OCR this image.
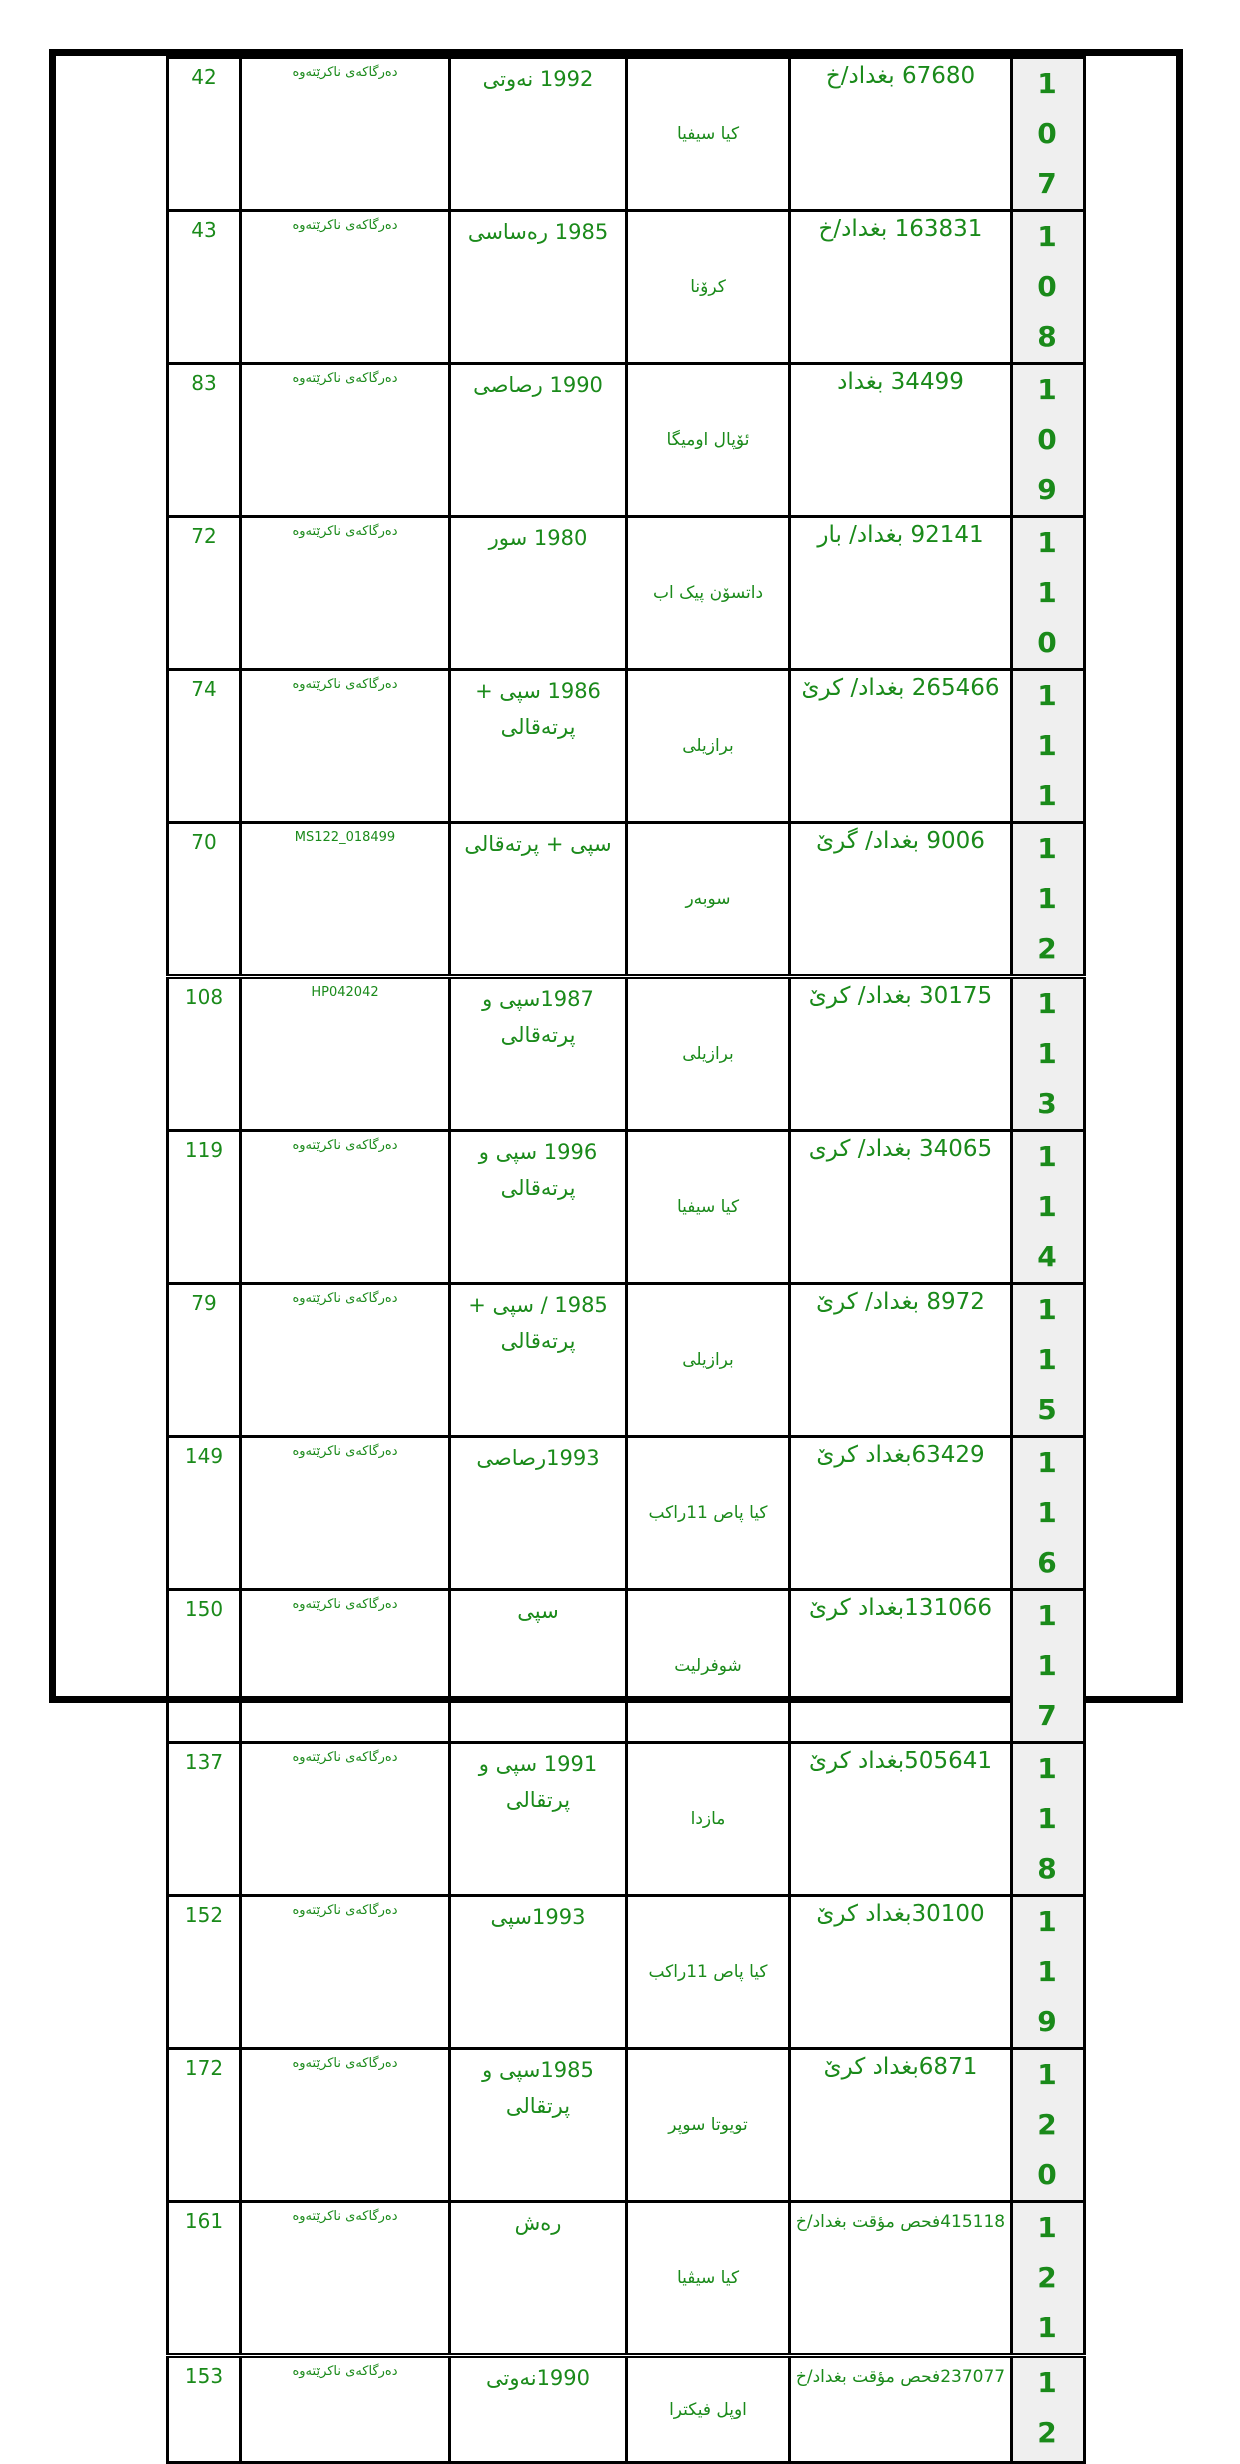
42	دەرگاکەی ناکرێتەوە	1992 نەوتی	كيا سيفيا	67680 بغداد/خ	107

43	دەرگاکەی ناکرێتەوە	1985 رەساسی	كرۆنا	163831 بغداد/خ	108

83	دەرگاکەی ناکرێتەوە	1990 رصاصی	ئۆپال اوميگا	34499 بغداد	109

72	دەرگاکەی ناکرێتەوە	1980 سور	داتسۆن پیک اب	92141 بغداد/ بار	110

74	دەرگاکەی ناکرێتەوە	1986 سپی + پرتەقالی	برازيلى	265466 بغداد/ كرێ	111

70	MS122_018499	سپی + پرتەقالی	سوبەر	9006 بغداد/ گرێ	112

108	HP042042	1987سپی و پرتەقالی	برازيلى	30175 بغداد/ كرێ	113

119	دەرگاکەی ناکرێتەوە	1996 سپی و پرتەقالی	كيا سيفيا	34065 بغداد/ كرى	114

79	دەرگاکەی ناکرێتەوە	1985 / سپی + پرتەقالی	برازيلى	8972 بغداد/ كرێ	115

149	دەرگاکەی ناکرێتەوە	1993رصاصی	كيا پاص 11راكب	63429بغداد كرێ	116

150	دەرگاکەی ناکرێتەوە	سپی	شوفرليت	131066بغداد كرێ	117

137	دەرگاکەی ناکرێتەوە	1991 سپی و پرتقالی	مازدا	505641بغداد كرێ	118

152	دەرگاکەی ناکرێتەوە	1993سپی	كيا پاص 11راكب	30100بغداد كرێ	119

172	دەرگاکەی ناکرێتەوە	1985سپی و پرتقالی	تويوتا سوپر	6871بغداد كرێ	120

161	دەرگاکەی ناکرێتەوە	رەش	كيا سيڤيا	415118فحص مؤقت بغداد/خ	121

153	دەرگاکەی ناکرێتەوە	1990نەوتی	اوپل فيكترا	237077فحص مؤقت بغداد/خ	12
